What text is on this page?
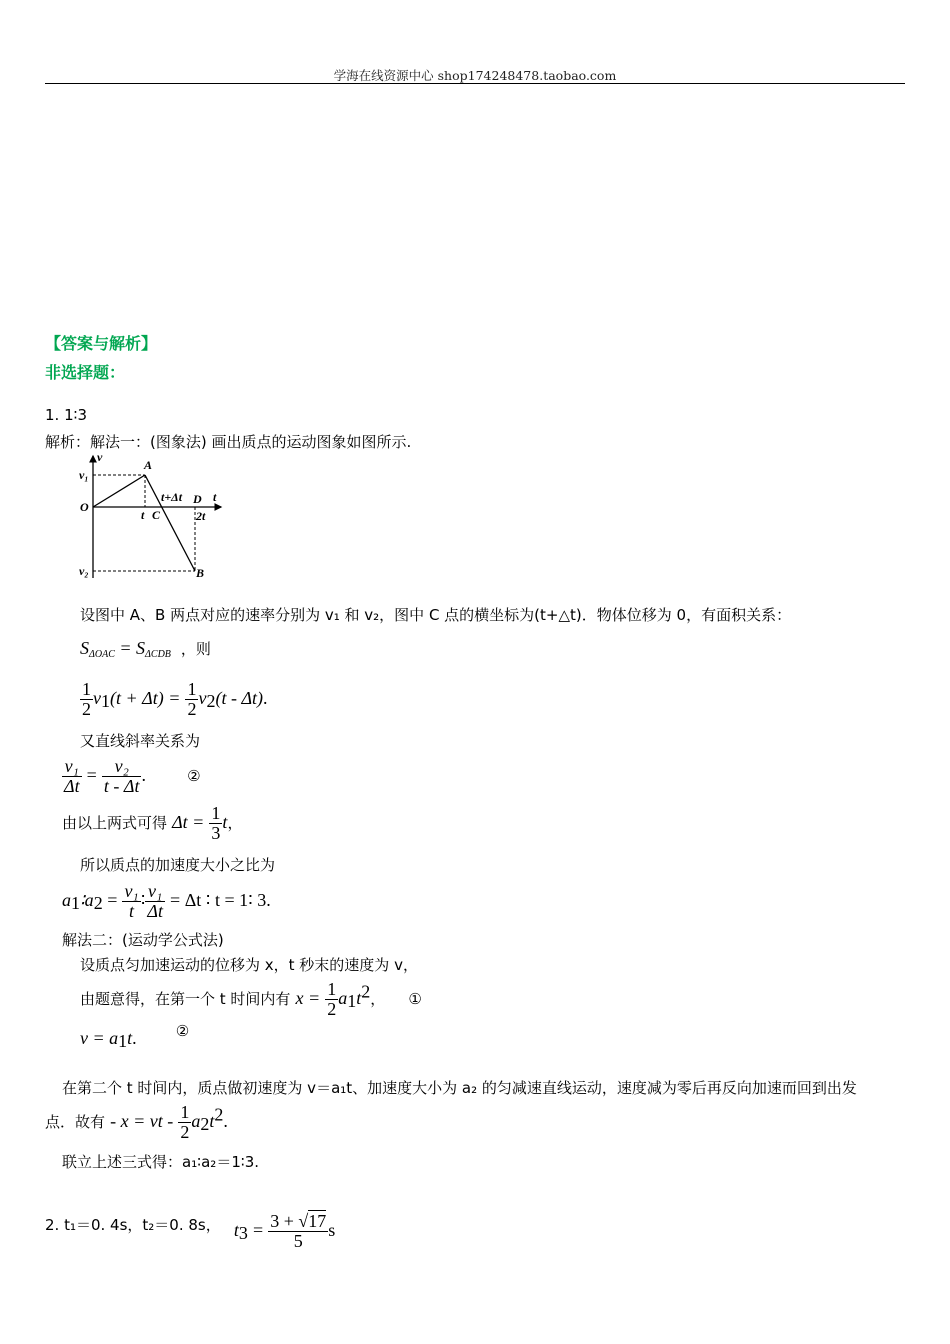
学海在线资源中心 shop174248478.taobao.com
【答案与解析】
非选择题：
1. 1∶3
解析：解法一：(图象法) 画出质点的运动图象如图所示.
v
v₁
v₂
O
A
B
C
D
t
t
t+Δt
2t
设图中 A、B 两点对应的速率分别为 v₁ 和 v₂，图中 C 点的横坐标为(t+△t)．物体位移为 0，有面积关系：
$S_{\Delta OAC} = S_{\Delta CDB}$ ，则
$\frac{1}{2} v_1(t + \Delta t) = \frac{1}{2} v_2(t - \Delta t)$.
又直线斜率关系为
$\frac{\text{v₁}}{\Delta t} = \frac{\text{v₂}}{t - \Delta t}$ .	②
由以上两式可得 $\Delta t = \frac{1}{3}$ t，
所以质点的加速度大小之比为
$a_1∶a_2 = \frac{\text{v₁}}{t}$ ∶ $\frac{\text{v₁}}{\Delta t} = \Delta t$ ∶ t = 1∶ 3.
解法二：(运动学公式法)
设质点匀加速运动的位移为 x，t 秒末的速度为 v，
由题意得，在第一个 t 时间内有 $x = \frac{1}{2} a_1t^2$， ①
$v = a_1t$.	②
在第二个 t 时间内，质点做初速度为 v＝a₁t、加速度大小为 a₂ 的匀减速直线运动，速度减为零后再反向加速而回到出发
点．故有 - x = vt - $\frac{1}{2} a_2t^2$.
联立上述三式得：a₁∶a₂＝1∶3.
2. t₁＝0. 4s，t₂＝0. 8s， $t_3 = \frac{3 + √17}{5}$ s
